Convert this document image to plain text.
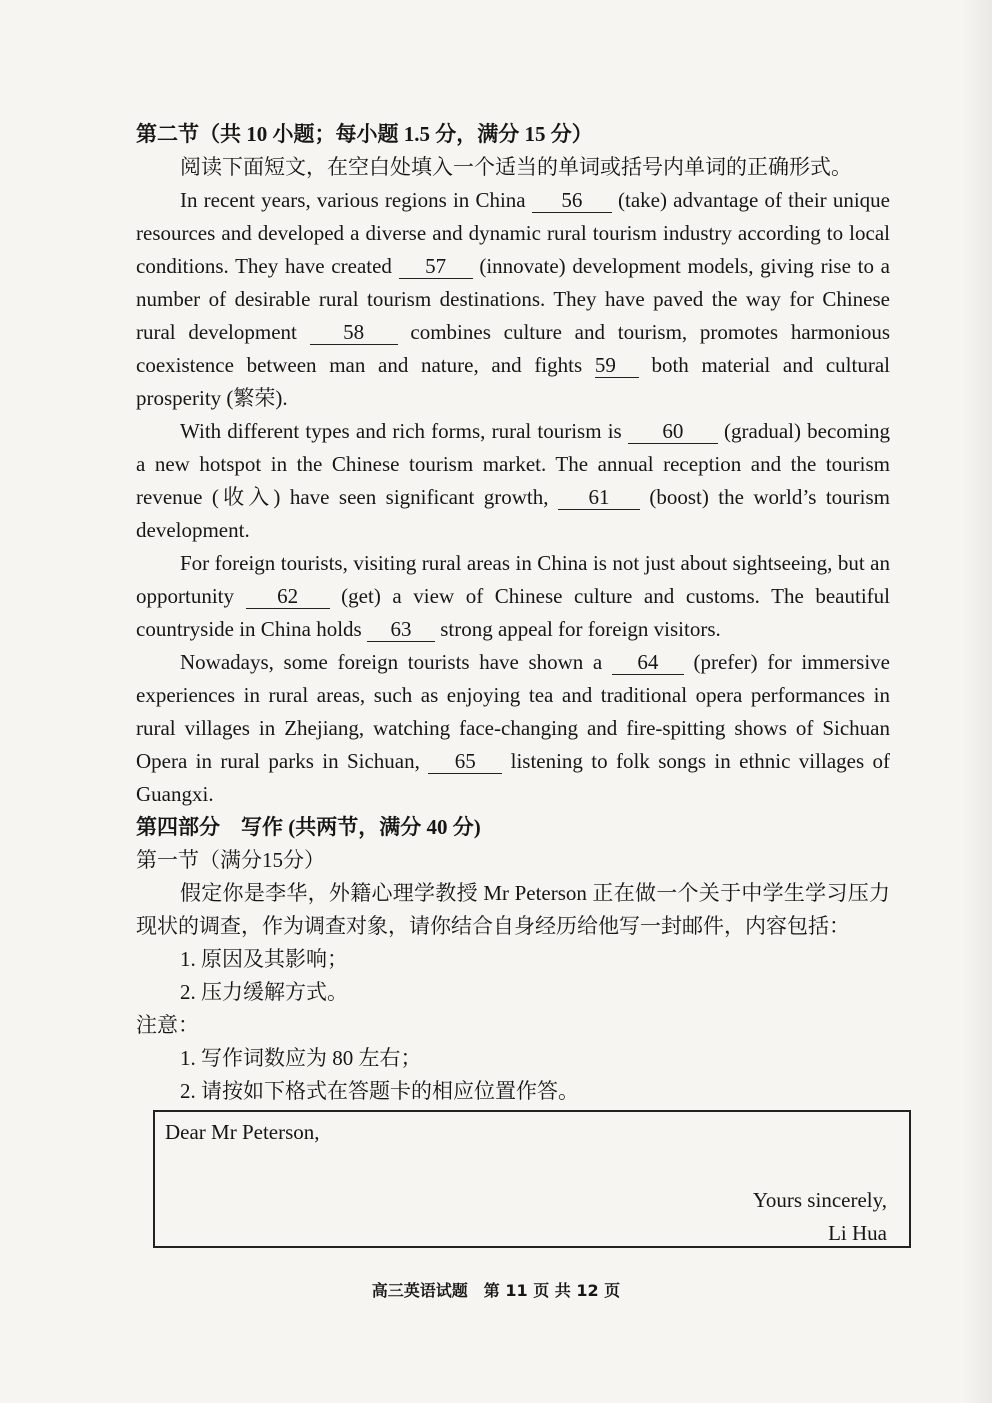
第二节（共 10 小题；每小题 1.5 分，满分 15 分）

阅读下面短文，在空白处填入一个适当的单词或括号内单词的正确形式。

In recent years, various regions in China 56 (take) advantage of their unique resources and developed a diverse and dynamic rural tourism industry according to local conditions. They have created 57 (innovate) development models, giving rise to a number of desirable rural tourism destinations. They have paved the way for Chinese rural development 58 combines culture and tourism, promotes harmonious coexistence between man and nature, and fights 59 both material and cultural prosperity (繁荣).

With different types and rich forms, rural tourism is 60 (gradual) becoming a new hotspot in the Chinese tourism market. The annual reception and the tourism revenue (收入) have seen significant growth, 61 (boost) the world’s tourism development.

For foreign tourists, visiting rural areas in China is not just about sightseeing, but an opportunity 62 (get) a view of Chinese culture and customs. The beautiful countryside in China holds 63 strong appeal for foreign visitors.

Nowadays, some foreign tourists have shown a 64 (prefer) for immersive experiences in rural areas, such as enjoying tea and traditional opera performances in rural villages in Zhejiang, watching face-changing and fire-spitting shows of Sichuan Opera in rural parks in Sichuan, 65 listening to folk songs in ethnic villages of Guangxi.

第四部分　写作 (共两节，满分 40 分)

第一节（满分15分）

假定你是李华，外籍心理学教授 Mr Peterson 正在做一个关于中学生学习压力现状的调查，作为调查对象，请你结合自身经历给他写一封邮件，内容包括：

1. 原因及其影响；

2. 压力缓解方式。

注意：

1. 写作词数应为 80 左右；

2. 请按如下格式在答题卡的相应位置作答。

Dear Mr Peterson,
Yours sincerely,
Li Hua
高三英语试题　第 11 页 共 12 页
